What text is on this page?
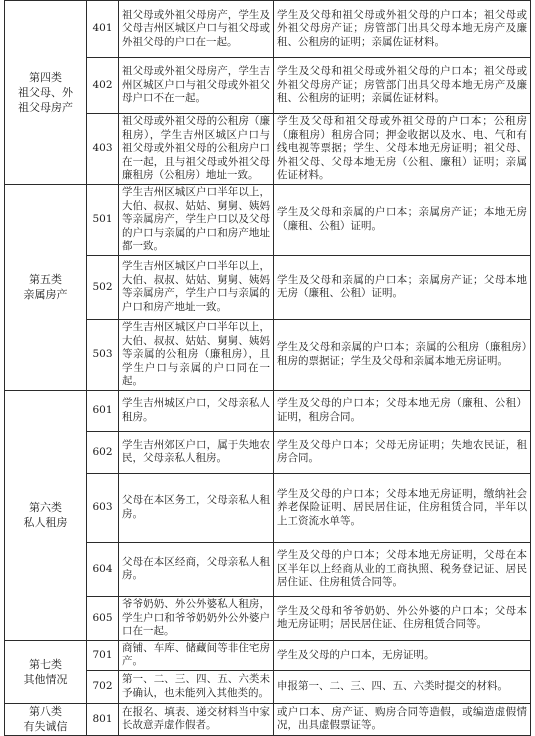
第四类
祖父母、外
祖父母房产	401	祖父母或外祖父母房产，学生及父母吉州区城区户口与祖父母或外祖父母的户口在一起。	学生及父母和祖父母或外祖父母的户口本；祖父母或外祖父母房产证；房管部门出具父母本地无房产及廉租、公租房的证明；亲属佐证材料。
	402	祖父母或外祖父母房产，学生吉州区城区户口与祖父母或外祖父母户口不在一起。	学生及父母和祖父母或外祖父母的户口本；祖父母或外祖父母房产证；房管部门出具父母本地无房产及廉租、公租房的证明；亲属佐证材料。
	403	祖父母或外祖父母的公租房（廉租房），学生吉州区城区户口与祖父母或外祖父母的公租房户口在一起，且与祖父母或外祖父母廉租房（公租房）地址一致。	学生及父母和祖父母或外祖父母的户口本；公租房（廉租房）租房合同；押金收据以及水、电、气和有线电视等票据；学生、父母本地无房证明；祖父母、外祖父母、父母本地无房（公租、廉租）证明；亲属佐证材料。

第五类
亲属房产	501	学生吉州区城区户口半年以上，大伯、叔叔、姑姑、舅舅、姨妈等亲属房产，学生户口以及父母的户口与亲属的户口和房产地址都一致。	学生及父母和亲属的户口本；亲属房产证；本地无房（廉租、公租）证明。
	502	学生吉州区城区户口半年以上，大伯、叔叔、姑姑、舅舅、姨妈等亲属房产，学生户口与亲属的户口和房产地址一致。	学生及父母和亲属的户口本；亲属房产证；父母本地无房（廉租、公租）证明。
	503	学生吉州区城区户口半年以上，大伯、叔叔、姑姑、舅舅、姨妈等亲属的公租房（廉租房），且学生户口与亲属的户口同在一起。	学生及父母和亲属的户口本；亲属的公租房（廉租房）租房的票据证；学生及父母和亲属本地无房证明。

第六类
私人租房	601	学生吉州城区户口，父母亲私人租房。	学生及父母的户口本；父母本地无房（廉租、公租）证明，租房合同。
	602	学生吉州郊区户口，属于失地农民，父母亲私人租房。	学生及父母户口本；父母无房证明；失地农民证，租房合同。
	603	父母在本区务工，父母亲私人租房。	学生及父母的户口本；父母本地无房证明，缴纳社会养老保险证明、居民居住证，住房租赁合同，半年以上工资流水单等。
	604	父母在本区经商，父母亲私人租房。	学生及父母的户口本；父母本地无房证明，父母在本区半年以上经商从业的工商执照、税务登记证、居民居住证、住房租赁合同等。
	605	爷爷奶奶、外公外婆私人租房，学生户口和爷爷奶奶外公外婆户口在一起。	学生及父母和爷爷奶奶、外公外婆的户口本；父母本地无房证明；居民居住证、住房租赁合同等。

第七类
其他情况	701	商铺、车库、储藏间等非住宅房产。	学生及父母的户口本，无房证明。
	702	第一、二、三、四、五、六类未予确认，也未能列入其他类的。	申报第一、二、三、四、五、六类时提交的材料。

第八类
有失诚信	801	在报名、填表、递交材料当中家长故意弄虚作假者。	或户口本、房产证、购房合同等造假，或编造虚假情况，出具虚假票证等。
